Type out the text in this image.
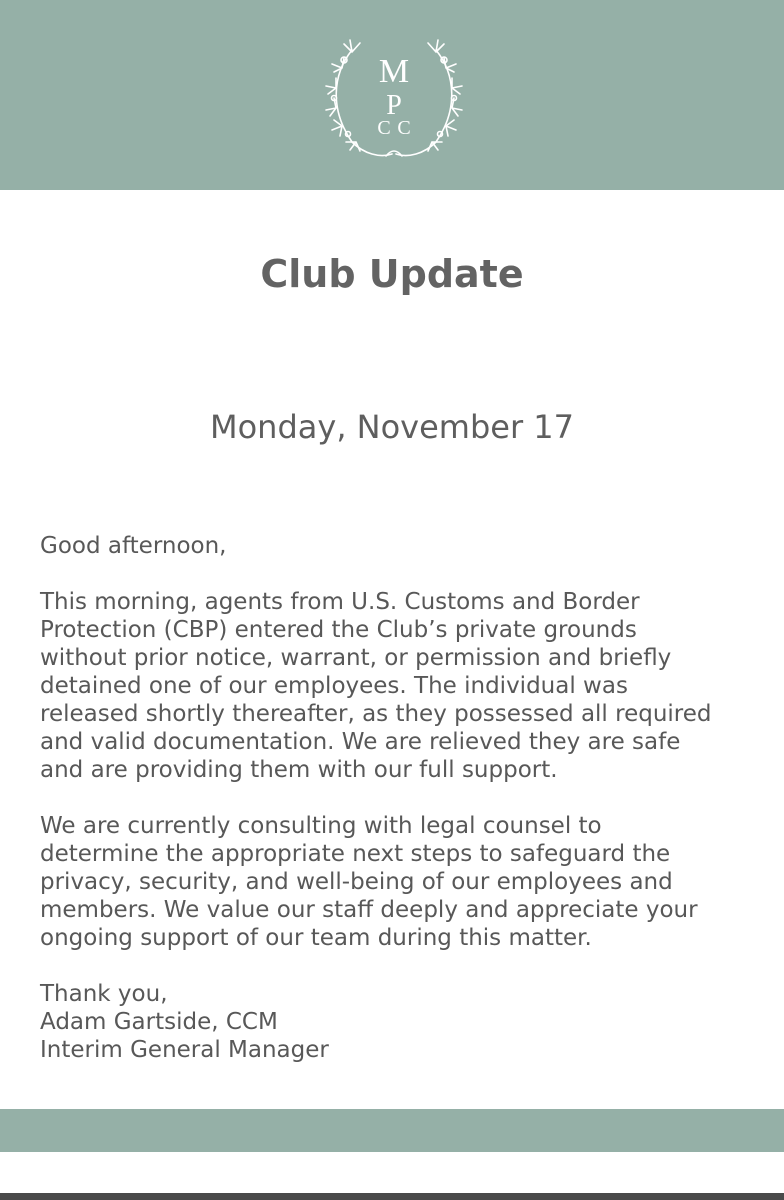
M
P
C C
Club Update
Monday, November 17

Good afternoon,

This morning, agents from U.S. Customs and Border
Protection (CBP) entered the Club’s private grounds
without prior notice, warrant, or permission and briefly
detained one of our employees. The individual was
released shortly thereafter, as they possessed all required
and valid documentation. We are relieved they are safe
and are providing them with our full support.

We are currently consulting with legal counsel to
determine the appropriate next steps to safeguard the
privacy, security, and well-being of our employees and
members. We value our staff deeply and appreciate your
ongoing support of our team during this matter.

Thank you,
Adam Gartside, CCM
Interim General Manager
